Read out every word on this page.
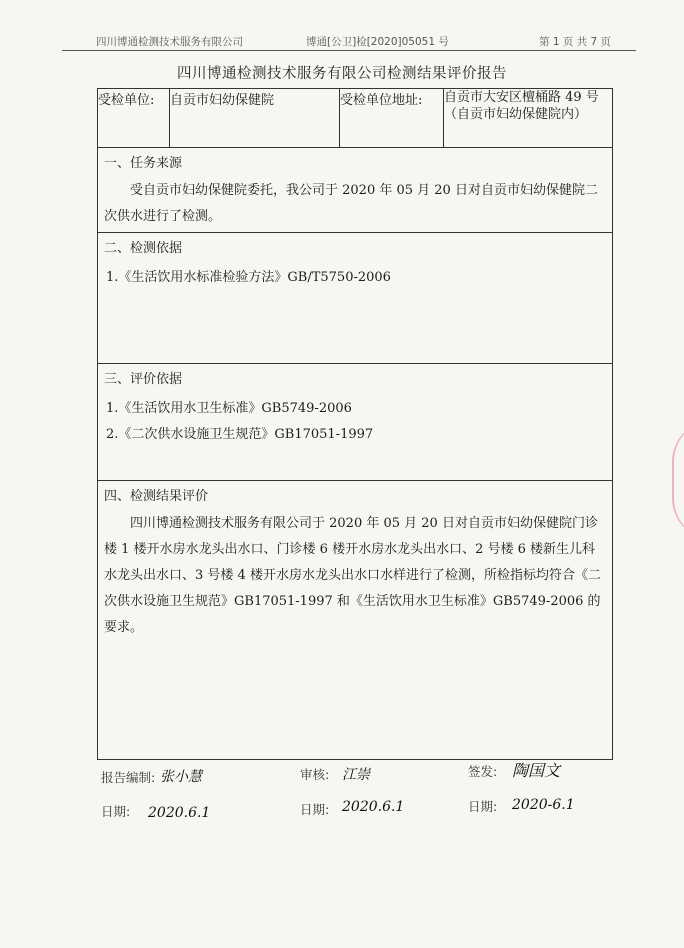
四川博通检测技术服务有限公司	博通[公卫]检[2020]05051 号	第 1 页 共 7 页
四川博通检测技术服务有限公司检测结果评价报告
受检单位:	自贡市妇幼保健院	受检单位地址:	自贡市大安区檀桶路 49 号（自贡市妇幼保健院内）
一、任务来源

受自贡市妇幼保健院委托，我公司于 2020 年 05 月 20 日对自贡市妇幼保健院二次供水进行了检测。

二、检测依据

1.《生活饮用水标准检验方法》GB/T5750-2006

三、评价依据

1.《生活饮用水卫生标准》GB5749-2006

2.《二次供水设施卫生规范》GB17051-1997

四、检测结果评价

四川博通检测技术服务有限公司于 2020 年 05 月 20 日对自贡市妇幼保健院门诊楼 1 楼开水房水龙头出水口、门诊楼 6 楼开水房水龙头出水口、2 号楼 6 楼新生儿科水龙头出水口、3 号楼 4 楼开水房水龙头出水口水样进行了检测，所检指标均符合《二次供水设施卫生规范》GB17051-1997 和《生活饮用水卫生标准》GB5749-2006 的要求。

报告编制: 张小慧	审核: 江崇	签发: 陶国文
日期: 2020.6.1	日期: 2020.6.1	日期: 2020-6.1
